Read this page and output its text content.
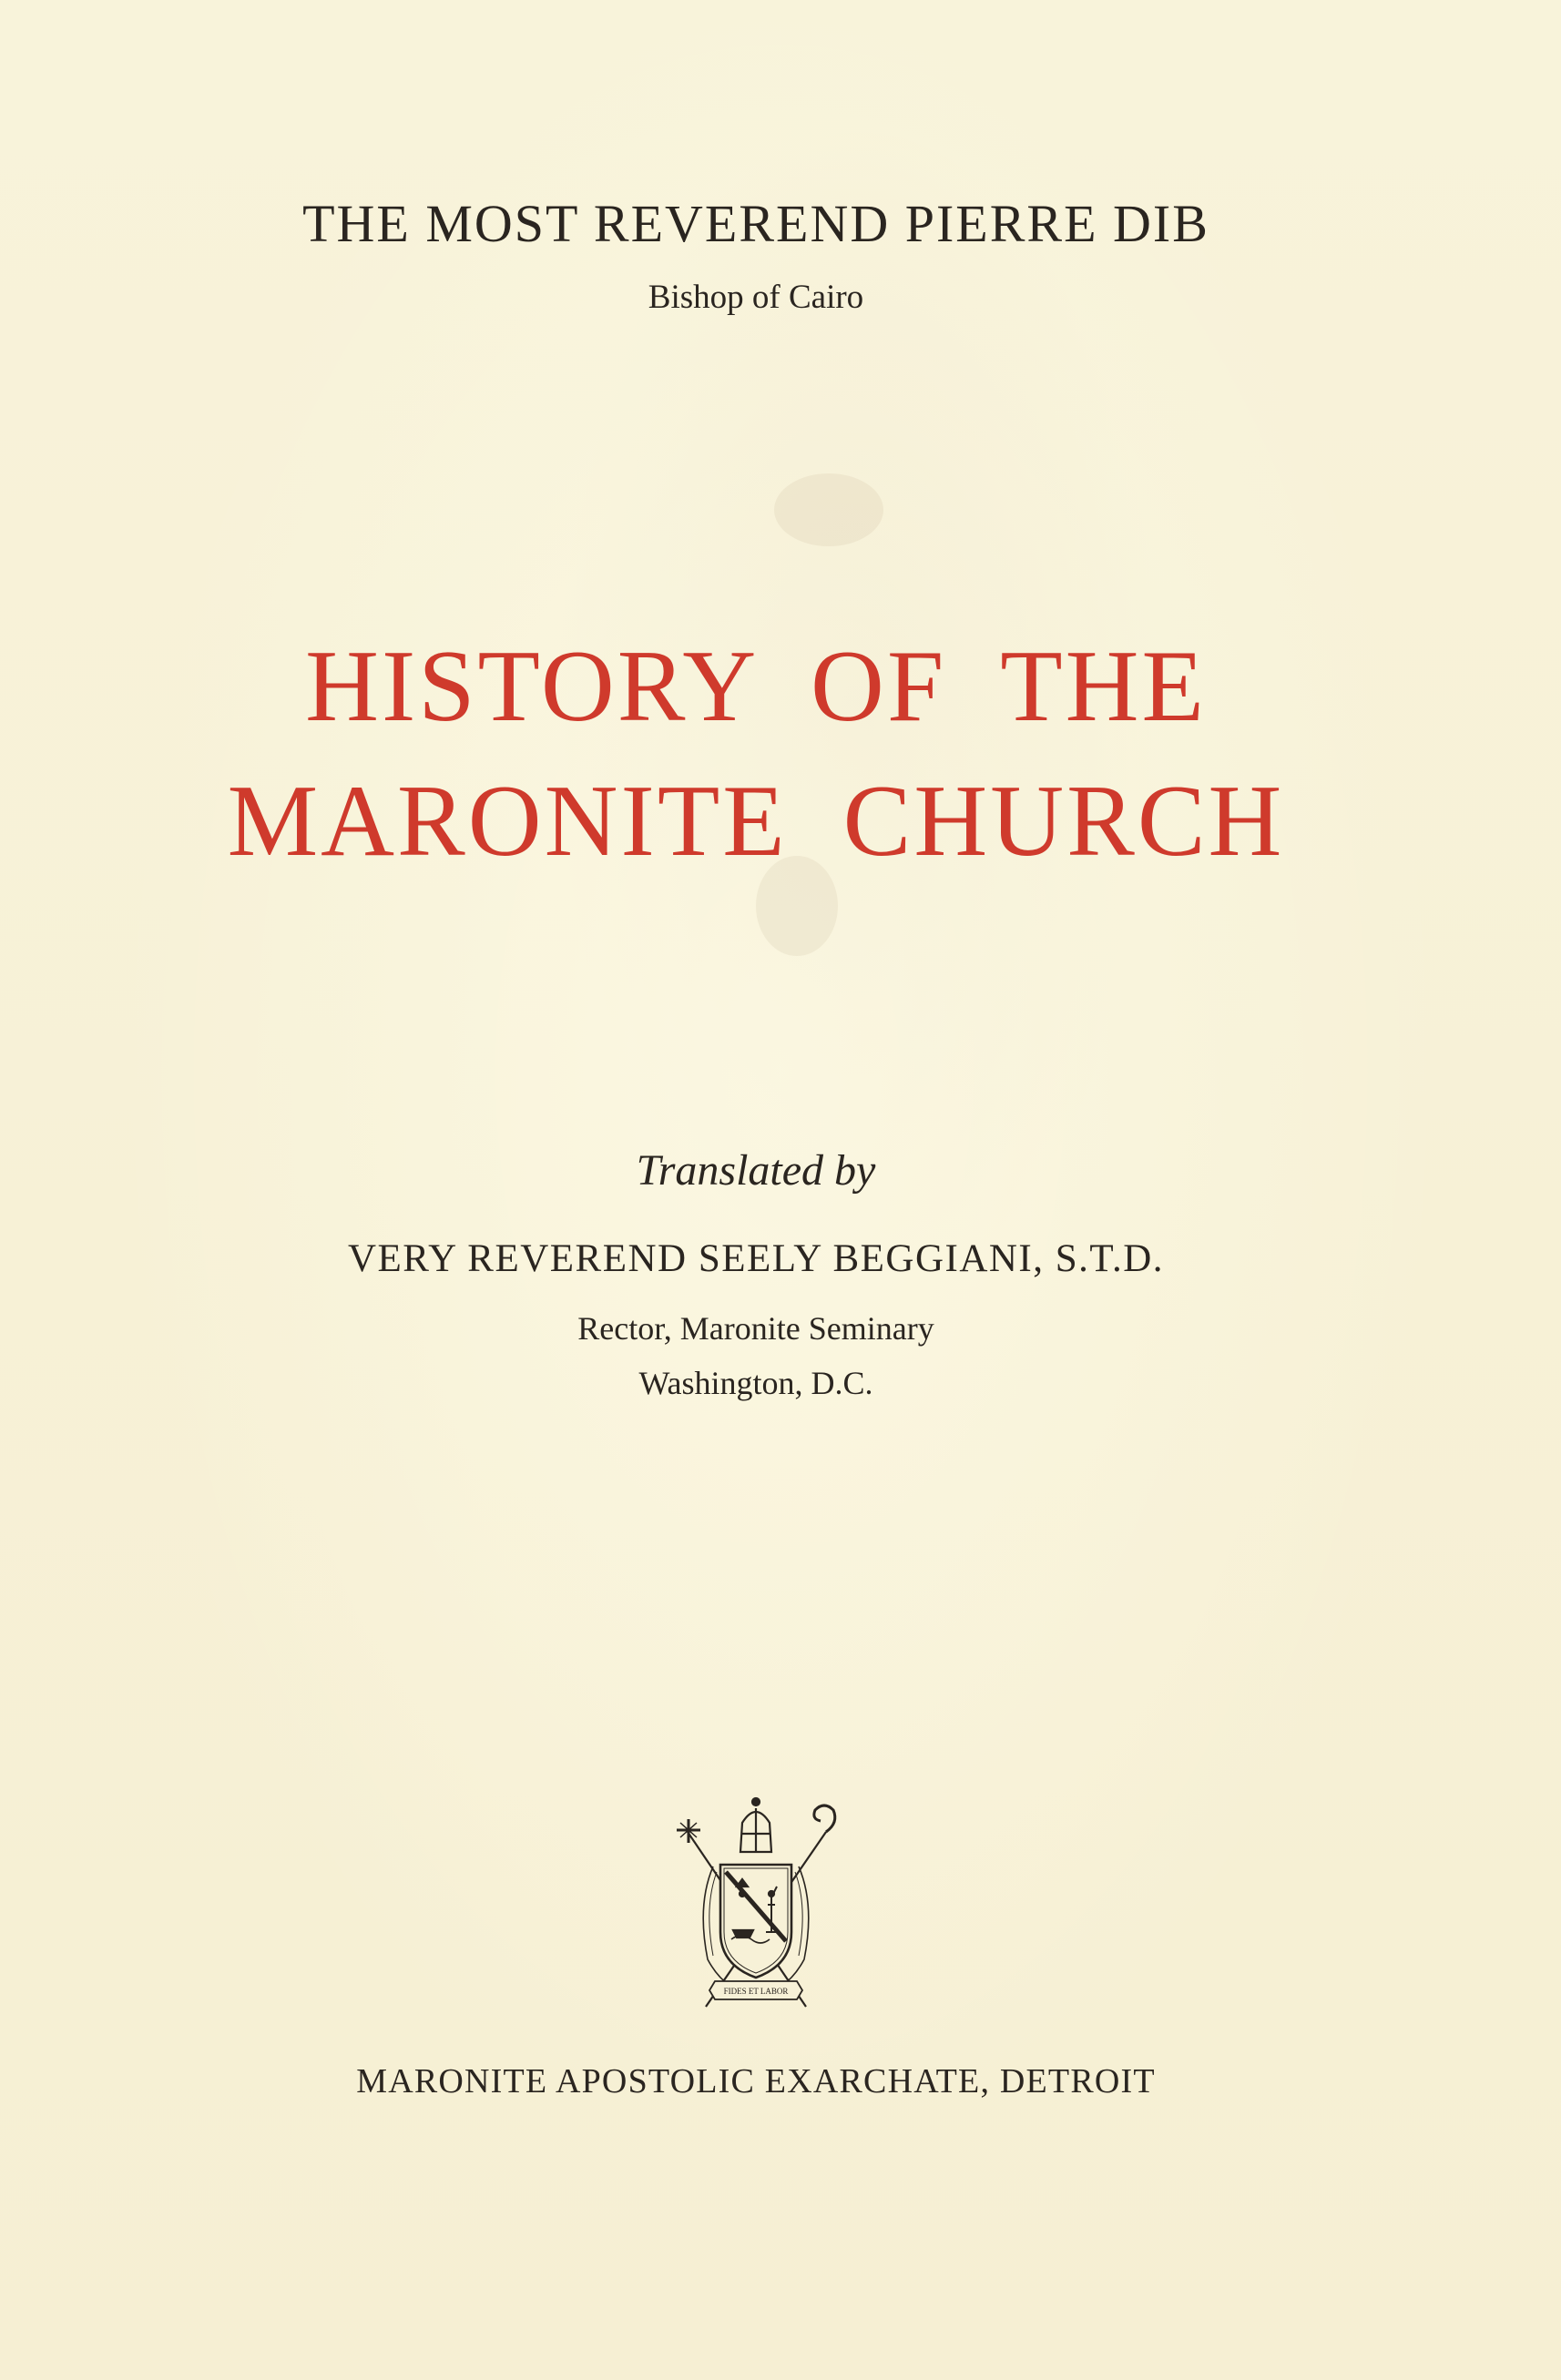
THE MOST REVEREND PIERRE DIB
Bishop of Cairo
HISTORY OF THE
MARONITE CHURCH
Translated by
VERY REVEREND SEELY BEGGIANI, S.T.D.
Rector, Maronite Seminary
Washington, D.C.
FIDES ET LABOR
MARONITE APOSTOLIC EXARCHATE, DETROIT
